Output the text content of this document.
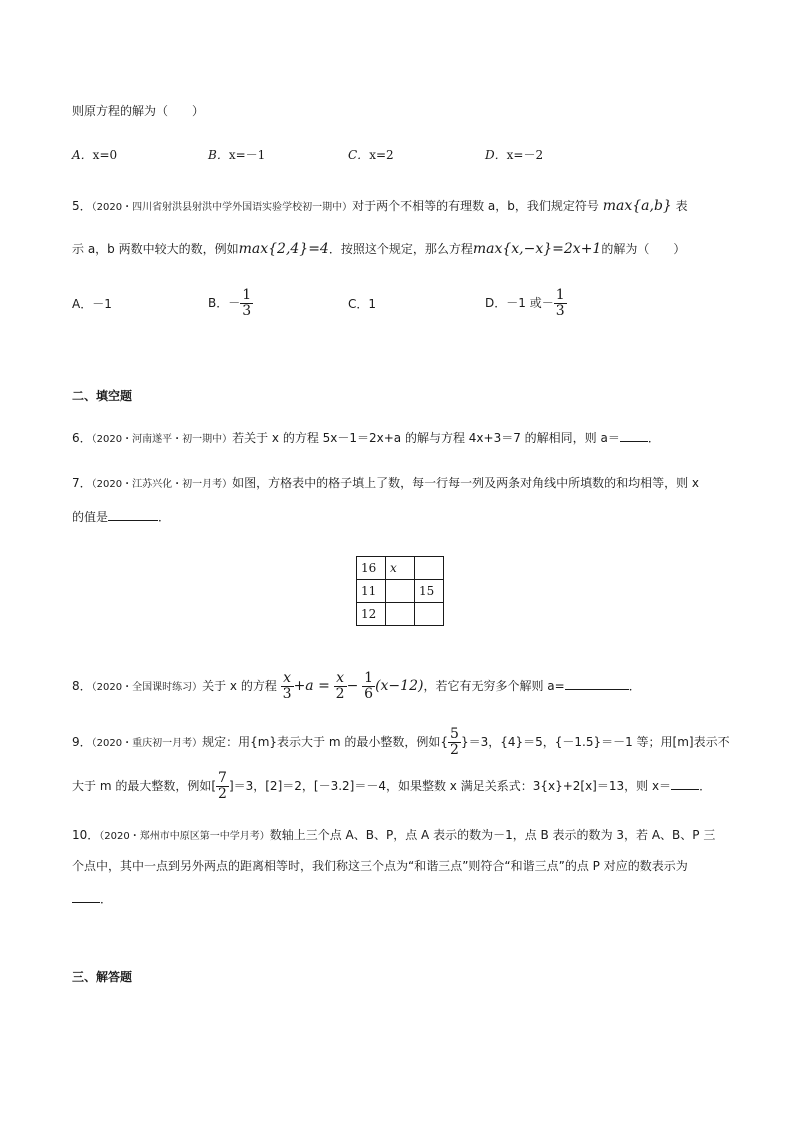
则原方程的解为（　　）
A．x=0	B．x=－1	C．x=2	D．x=－2
5．（2020・四川省射洪县射洪中学外国语实验学校初一期中）对于两个不相等的有理数 a，b，我们规定符号 max{a,b} 表
示 a，b 两数中较大的数，例如max{2,4}=4．按照这个规定，那么方程max{x,−x}=2x+1的解为（　　）
A．－1	B．－ $\frac{1}{3}$	C．1	D．－1 或－ $\frac{1}{3}$
二、填空题
6．（2020・河南遂平・初一期中）若关于 x 的方程 5x－1＝2x+a 的解与方程 4x+3＝7 的解相同，则 a＝ ．
7．（2020・江苏兴化・初一月考）如图，方格表中的格子填上了数，每一行每一列及两条对角线中所填数的和均相等，则 x
的值是	．
16	x	
11		15
12		
8．（2020・全国课时练习）关于 x 的方程 $\frac{x}{3} +a = \frac{x}{2} - \frac{1}{6} (x-12)$，若它有无穷多个解则 a=	．
9．（2020・重庆初一月考）规定：用{m}表示大于 m 的最小整数，例如{ $\frac{5}{2} \}=3$，{4}＝5，{－1.5}＝－1 等；用[m]表示不
大于 m 的最大整数，例如[ $\frac{7}{2} ]=3$，[2]＝2，[－3.2]＝－4，如果整数 x 满足关系式：3{x}+2[x]＝13，则 x＝ ．
10．（2020・郑州市中原区第一中学月考）数轴上三个点 A、B、P，点 A 表示的数为－1，点 B 表示的数为 3，若 A、B、P 三
个点中，其中一点到另外两点的距离相等时，我们称这三个点为“和谐三点”则符合“和谐三点”的点 P 对应的数表示为
．
三、解答题
